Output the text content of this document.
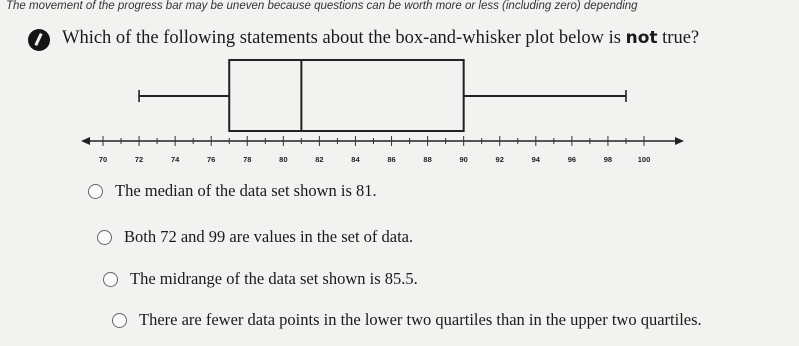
The movement of the progress bar may be uneven because questions can be worth more or less (including zero) depending
Which of the following statements about the box-and-whisker plot below is not true?
70	72	74	76	78	80	82	84	86	88	90	92	94	96	98	100
The median of the data set shown is 81.
Both 72 and 99 are values in the set of data.
The midrange of the data set shown is 85.5.
There are fewer data points in the lower two quartiles than in the upper two quartiles.
